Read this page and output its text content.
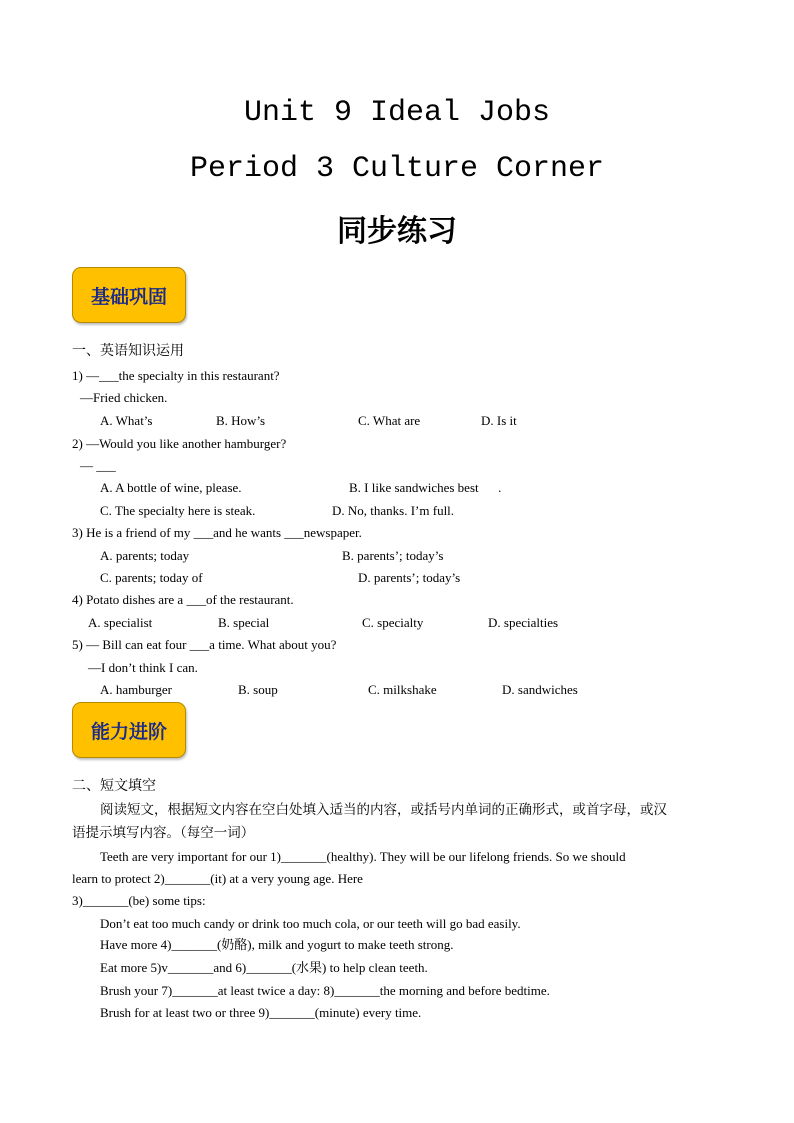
Unit 9 Ideal Jobs
Period 3 Culture Corner
同步练习
基础巩固
一、英语知识运用
1) —___the specialty in this restaurant?
—Fried chicken.
A. What’s	B. How’s	C. What are	D. Is it
2) —Would you like another hamburger?
— ___
A. A bottle of wine, please.	B. I like sandwiches best      .
C. The specialty here is steak.	D. No, thanks. I’m full.
3) He is a friend of my ___and he wants ___newspaper.
A. parents; today	B. parents’; today’s
C. parents; today of	D. parents’; today’s
4) Potato dishes are a ___of the restaurant.
A. specialist	B. special	C. specialty	D. specialties
5) — Bill can eat four ___a time. What about you?
—I don’t think I can.
A. hamburger	B. soup	C. milkshake	D. sandwiches
能力进阶
二、短文填空
阅读短文，根据短文内容在空白处填入适当的内容，或括号内单词的正确形式，或首字母，或汉
语提示填写内容。（每空一词）
Teeth are very important for our 1)_______(healthy). They will be our lifelong friends. So we should
learn to protect 2)_______(it) at a very young age. Here
3)_______(be) some tips:
Don’t eat too much candy or drink too much cola, or our teeth will go bad easily.
Have more 4)_______(奶酪), milk and yogurt to make teeth strong.
Eat more 5)v_______and 6)_______(水果) to help clean teeth.
Brush your 7)_______at least twice a day: 8)_______the morning and before bedtime.
Brush for at least two or three 9)_______(minute) every time.
